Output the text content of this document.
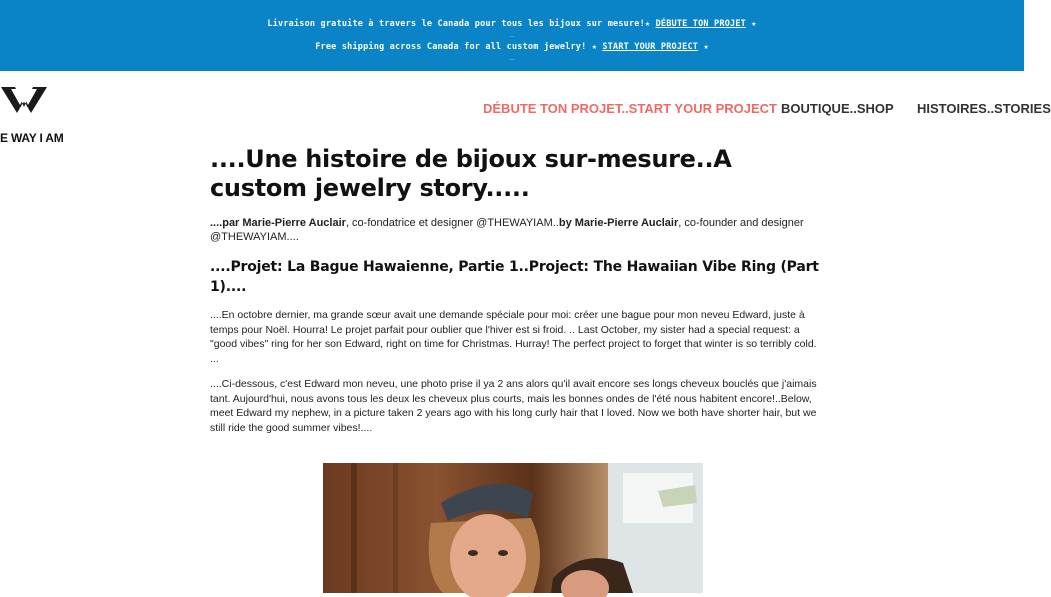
Livraison gratuite à travers le Canada pour tous les bijoux sur mesure!★ DÉBUTE TON PROJET ★
..
Free shipping across Canada for all custom jewelry! ★ START YOUR PROJECT ★
...
E WAY I AM
DÉBUTE TON PROJET..START YOUR PROJECT BOUTIQUE..SHOP HISTOIRES..STORIES
....Une histoire de bijoux sur-mesure..A custom jewelry story.....

....par Marie-Pierre Auclair, co-fondatrice et designer @THEWAYIAM..by Marie-Pierre Auclair, co-founder and designer @THEWAYIAM....

....Projet: La Bague Hawaienne, Partie 1..Project: The Hawaiian Vibe Ring (Part 1)....

....En octobre dernier, ma grande sœur avait une demande spéciale pour moi: créer une bague pour mon neveu Edward, juste à temps pour Noël. Hourra! Le projet parfait pour oublier que l'hiver est si froid. .. Last October, my sister had a special request: a "good vibes" ring for her son Edward, right on time for Christmas. Hurray! The perfect project to forget that winter is so terribly cold. ...

....Ci-dessous, c'est Edward mon neveu, une photo prise il ya 2 ans alors qu'il avait encore ses longs cheveux bouclés que j'aimais tant. Aujourd'hui, nous avons tous les deux les cheveux plus courts, mais les bonnes ondes de l'été nous habitent encore!..Below, meet Edward my nephew, in a picture taken 2 years ago with his long curly hair that I loved. Now we both have shorter hair, but we still ride the good summer vibes!....
